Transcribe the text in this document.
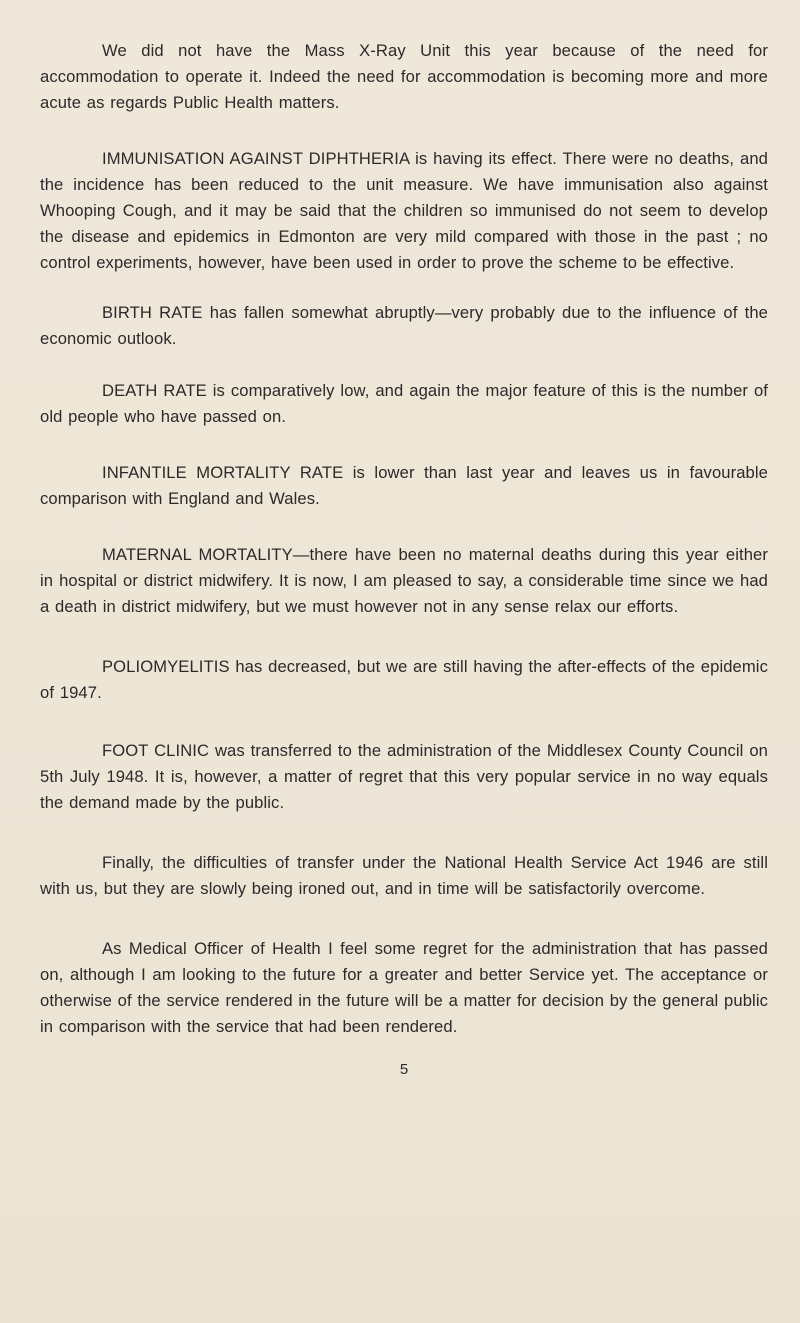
We did not have the Mass X-Ray Unit this year because of the need for accommodation to operate it. Indeed the need for accommodation is becoming more and more acute as regards Public Health matters.

IMMUNISATION AGAINST DIPHTHERIA is having its effect. There were no deaths, and the incidence has been reduced to the unit measure. We have immunisation also against Whooping Cough, and it may be said that the children so immunised do not seem to develop the disease and epidemics in Edmonton are very mild compared with those in the past ; no control experiments, however, have been used in order to prove the scheme to be effective.

BIRTH RATE has fallen somewhat abruptly—very probably due to the influence of the economic outlook.

DEATH RATE is comparatively low, and again the major feature of this is the number of old people who have passed on.

INFANTILE MORTALITY RATE is lower than last year and leaves us in favourable comparison with England and Wales.

MATERNAL MORTALITY—there have been no maternal deaths during this year either in hospital or district midwifery. It is now, I am pleased to say, a considerable time since we had a death in district midwifery, but we must however not in any sense relax our efforts.

POLIOMYELITIS has decreased, but we are still having the after-effects of the epidemic of 1947.

FOOT CLINIC was transferred to the administration of the Middlesex County Council on 5th July 1948. It is, however, a matter of regret that this very popular service in no way equals the demand made by the public.

Finally, the difficulties of transfer under the National Health Service Act 1946 are still with us, but they are slowly being ironed out, and in time will be satisfactorily overcome.

As Medical Officer of Health I feel some regret for the administration that has passed on, although I am looking to the future for a greater and better Service yet. The acceptance or otherwise of the service rendered in the future will be a matter for decision by the general public in comparison with the service that had been rendered.

5
